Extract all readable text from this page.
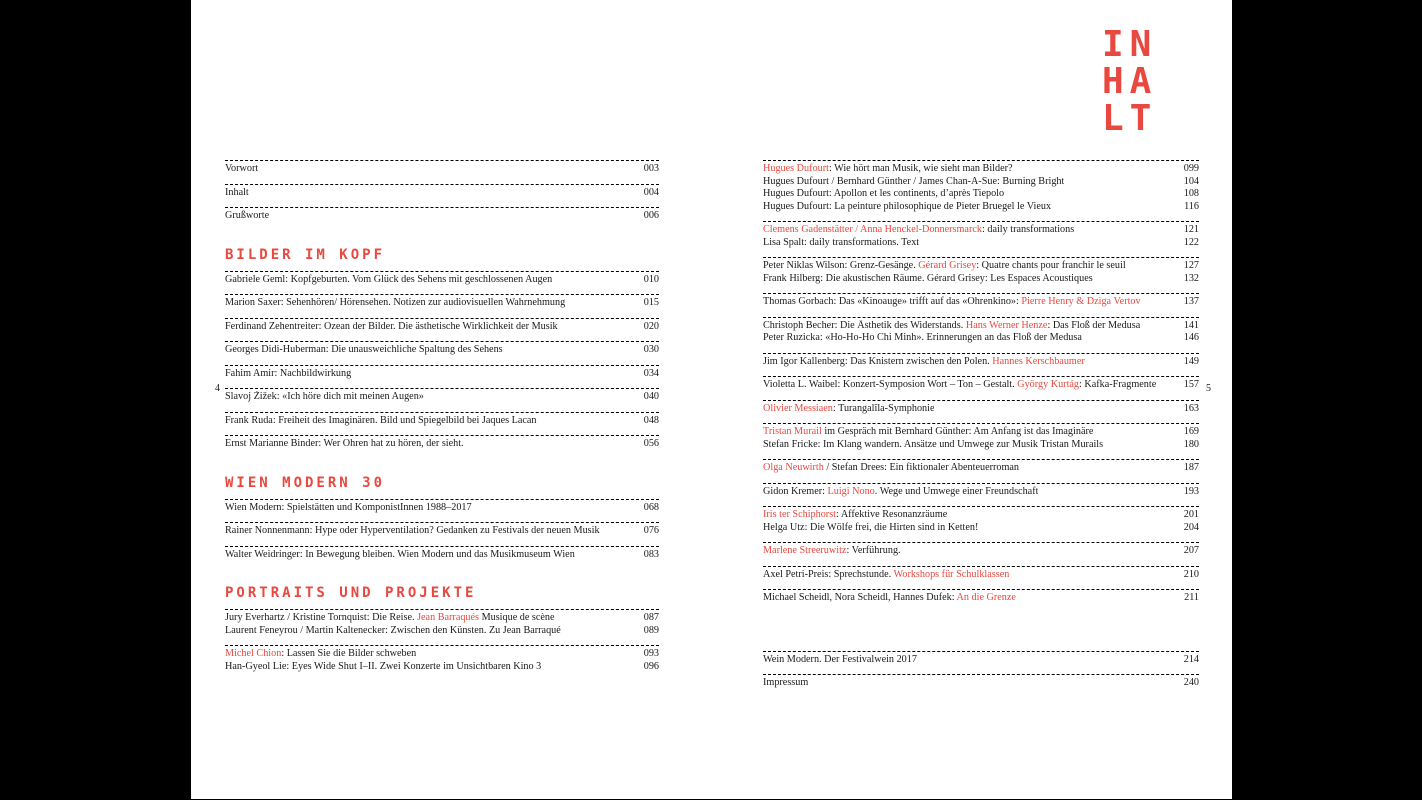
IN
HA
LT
4	5
Vorwort	003
Inhalt	004
Grußworte	006
BILDER IM KOPF
Gabriele Geml: Kopfgeburten. Vom Glück des Sehens mit geschlossenen Augen	010
Marion Saxer: Sehenhören/ Hörensehen. Notizen zur audiovisuellen Wahrnehmung	015
Ferdinand Zehentreiter: Ozean der Bilder. Die ästhetische Wirklichkeit der Musik	020
Georges Didi-Huberman: Die unausweichliche Spaltung des Sehens	030
Fahim Amir: Nachbildwirkung	034
Slavoj Žižek: «Ich höre dich mit meinen Augen»	040
Frank Ruda: Freiheit des Imaginären. Bild und Spiegelbild bei Jaques Lacan	048
Ernst Marianne Binder: Wer Ohren hat zu hören, der sieht.	056
WIEN MODERN 30
Wien Modern: Spielstätten und KomponistInnen 1988–2017	068
Rainer Nonnenmann: Hype oder Hyperventilation? Gedanken zu Festivals der neuen Musik	076
Walter Weidringer: In Bewegung bleiben. Wien Modern und das Musikmuseum Wien	083
PORTRAITS UND PROJEKTE
Jury Everhartz / Kristine Tornquist: Die Reise. Jean Barraqués Musique de scène	087
Laurent Feneyrou / Martin Kaltenecker: Zwischen den Künsten. Zu Jean Barraqué	089
Michel Chion: Lassen Sie die Bilder schweben	093
Han-Gyeol Lie: Eyes Wide Shut I–II. Zwei Konzerte im Unsichtbaren Kino 3	096
Hugues Dufourt: Wie hört man Musik, wie sieht man Bilder?	099
Hugues Dufourt / Bernhard Günther / James Chan-A-Sue: Burning Bright	104
Hugues Dufourt: Apollon et les continents, d’après Tiepolo	108
Hugues Dufourt: La peinture philosophique de Pieter Bruegel le Vieux	116
Clemens Gadenstätter / Anna Henckel-Donnersmarck: daily transformations	121
Lisa Spalt: daily transformations. Text	122
Peter Niklas Wilson: Grenz-Gesänge. Gérard Grisey: Quatre chants pour franchir le seuil	127
Frank Hilberg: Die akustischen Räume. Gérard Grisey: Les Espaces Acoustiques	132
Thomas Gorbach: Das «Kinoauge» trifft auf das «Ohrenkino»: Pierre Henry & Dziga Vertov	137
Christoph Becher: Die Ästhetik des Widerstands. Hans Werner Henze: Das Floß der Medusa	141
Peter Ruzicka: «Ho-Ho-Ho Chi Minh». Erinnerungen an das Floß der Medusa	146
Jim Igor Kallenberg: Das Knistern zwischen den Polen. Hannes Kerschbaumer	149
Violetta L. Waibel: Konzert-Symposion Wort – Ton – Gestalt. György Kurtág: Kafka-Fragmente	157
Olivier Messiaen: Turangalîla-Symphonie	163
Tristan Murail im Gespräch mit Bernhard Günther: Am Anfang ist das Imaginäre	169
Stefan Fricke: Im Klang wandern. Ansätze und Umwege zur Musik Tristan Murails	180
Olga Neuwirth / Stefan Drees: Ein fiktionaler Abenteuerroman	187
Gidon Kremer: Luigi Nono. Wege und Umwege einer Freundschaft	193
Iris ter Schiphorst: Affektive Resonanzräume	201
Helga Utz: Die Wölfe frei, die Hirten sind in Ketten!	204
Marlene Streeruwitz: Verführung.	207
Axel Petri-Preis: Sprechstunde. Workshops für Schulklassen	210
Michael Scheidl, Nora Scheidl, Hannes Dufek: An die Grenze	211
Wein Modern. Der Festivalwein 2017	214
Impressum	240
